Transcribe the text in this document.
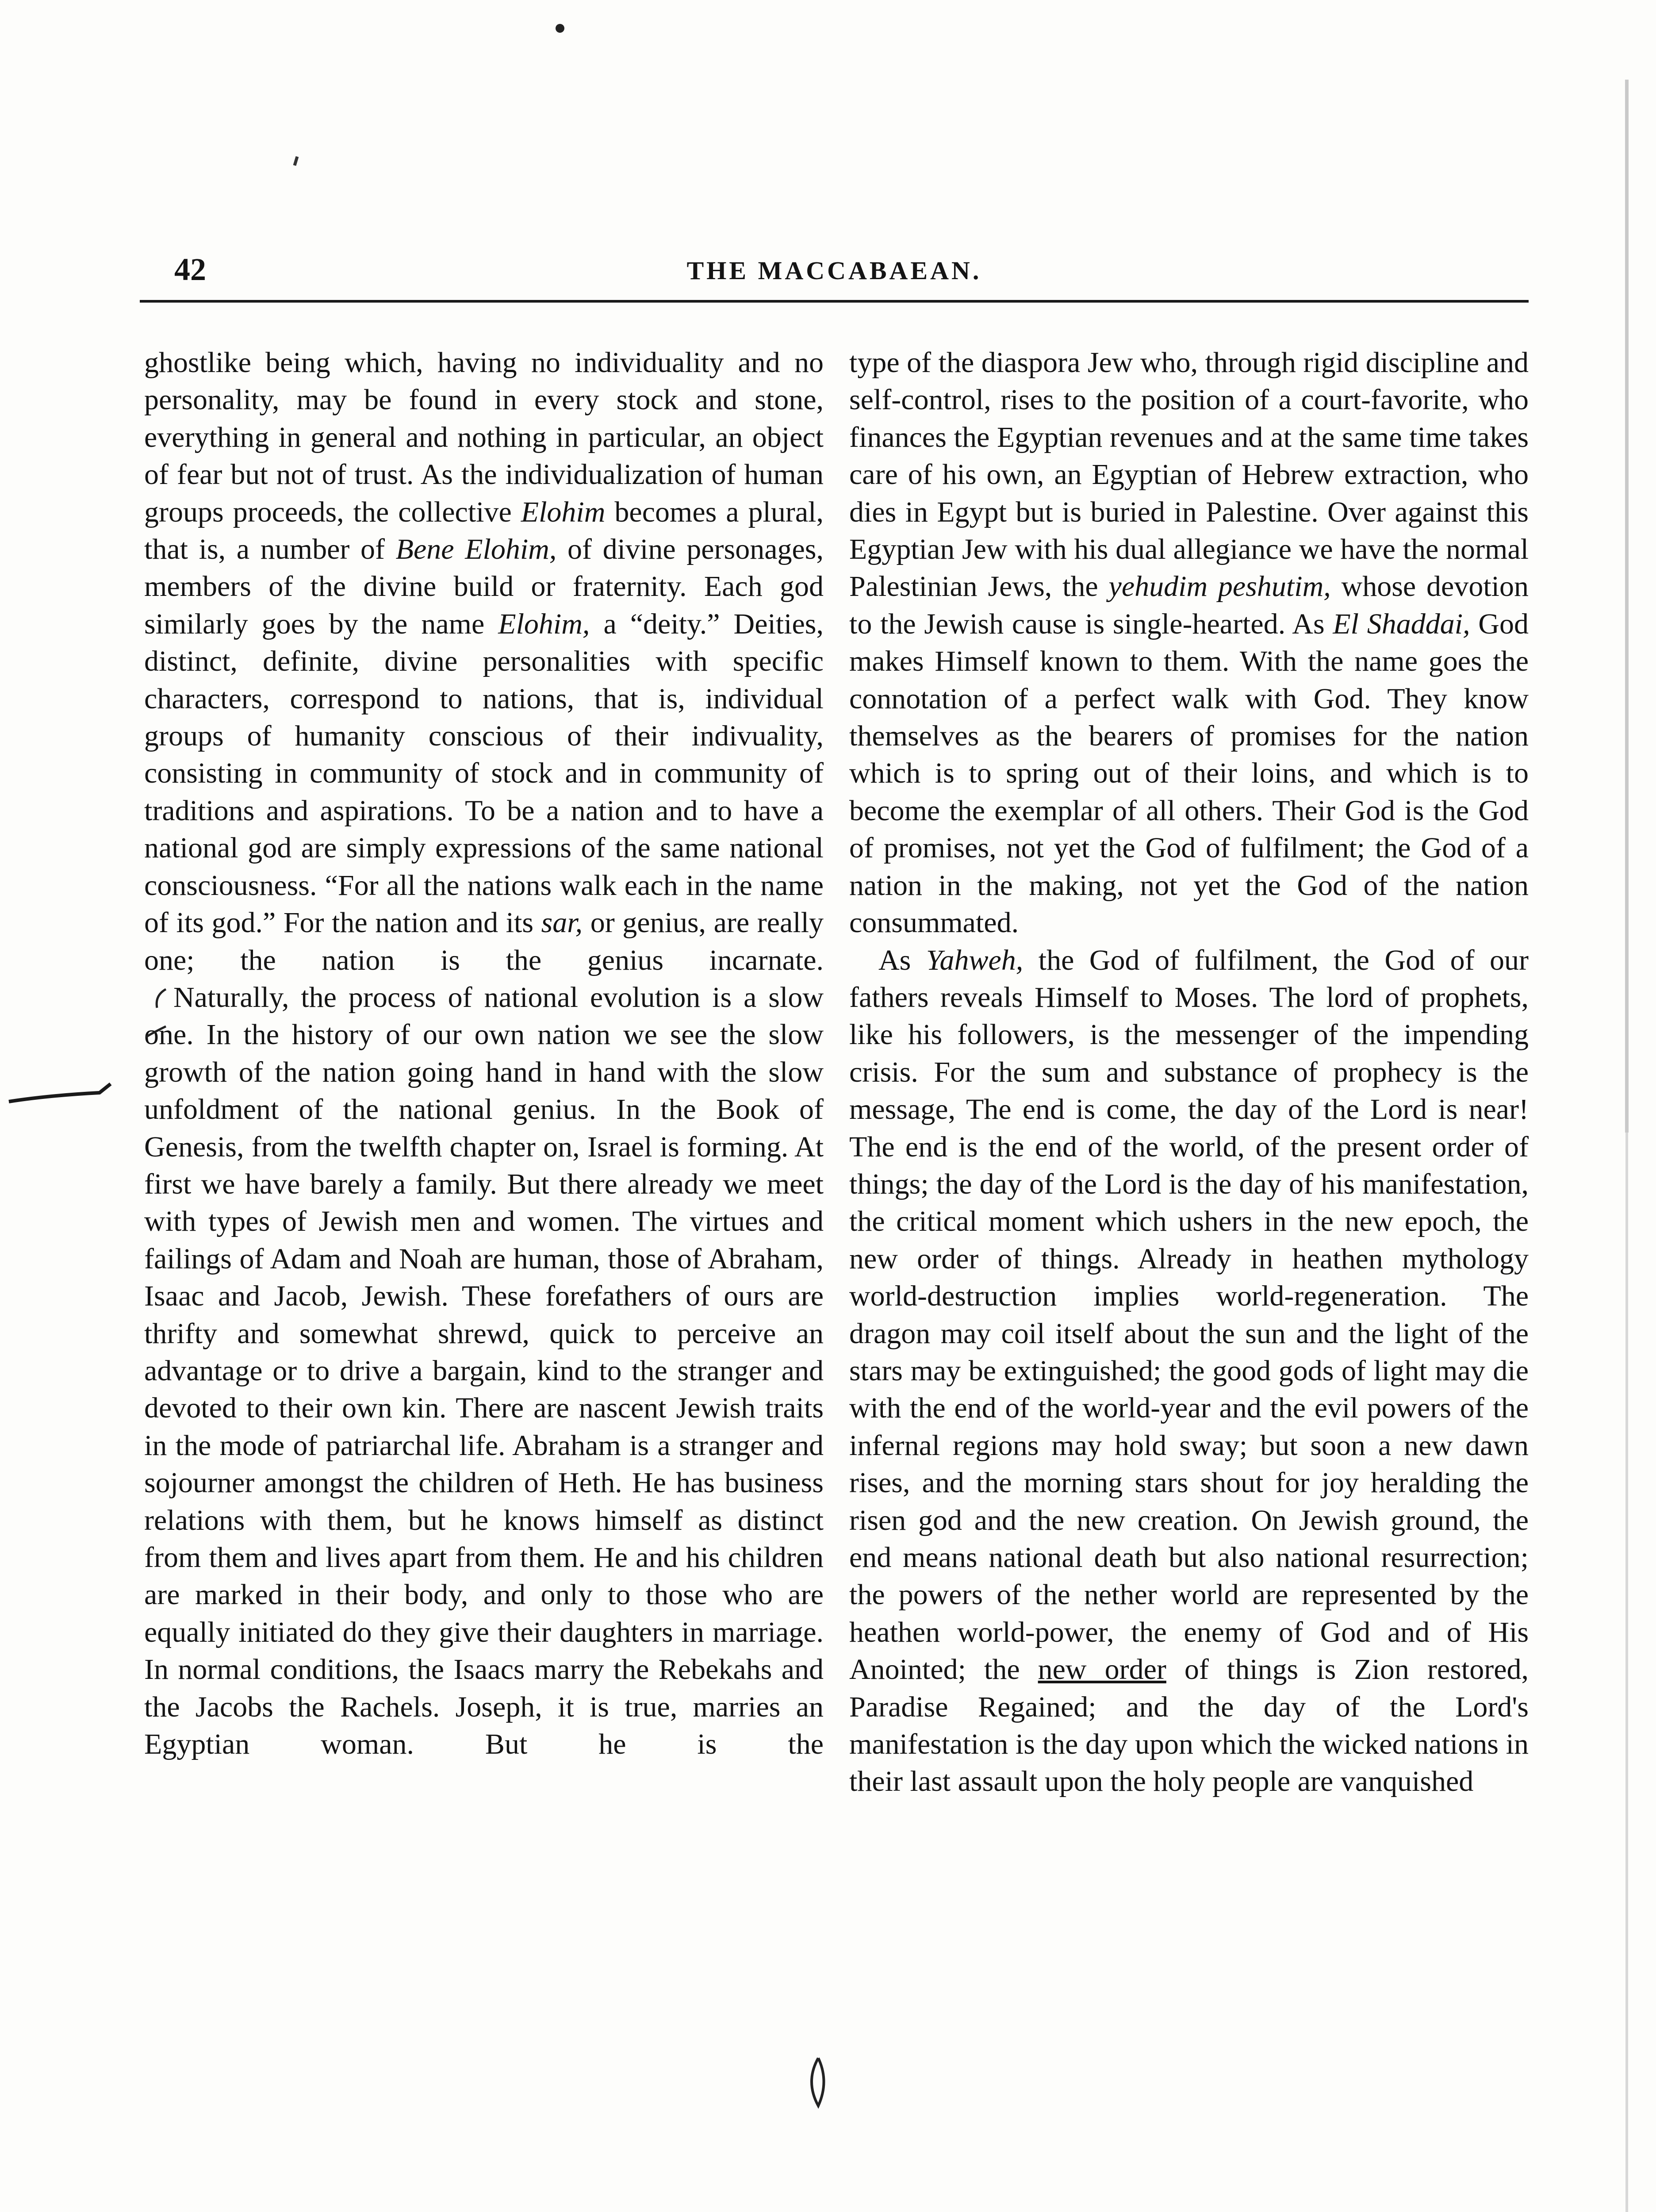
42	THE MACCABAEAN.

ghostlike being which, having no individuality and no personality, may be found in every stock and stone, everything in general and nothing in particular, an object of fear but not of trust. As the individualization of human groups proceeds, the collective Elohim becomes a plural, that is, a number of Bene Elohim, of divine personages, members of the divine build or fraternity. Each god similarly goes by the name Elohim, a “deity.” Deities, distinct, definite, divine personalities with specific characters, correspond to nations, that is, individual groups of humanity conscious of their indivuality, consisting in community of stock and in community of traditions and aspirations. To be a nation and to have a national god are simply expressions of the same national consciousness. “For all the nations walk each in the name of its god.” For the nation and its sar, or genius, are really one; the nation is the genius incarnate.

Naturally, the process of national evolution is a slow one. In the history of our own nation we see the slow growth of the nation going hand in hand with the slow unfoldment of the national genius. In the Book of Genesis, from the twelfth chapter on, Israel is forming. At first we have barely a family. But there already we meet with types of Jewish men and women. The virtues and failings of Adam and Noah are human, those of Abraham, Isaac and Jacob, Jewish. These forefathers of ours are thrifty and somewhat shrewd, quick to perceive an advantage or to drive a bargain, kind to the stranger and devoted to their own kin. There are nascent Jewish traits in the mode of patriarchal life. Abraham is a stranger and sojourner amongst the children of Heth. He has business relations with them, but he knows himself as distinct from them and lives apart from them. He and his children are marked in their body, and only to those who are equally initiated do they give their daughters in marriage. In normal conditions, the Isaacs marry the Rebekahs and the Jacobs the Rachels. Joseph, it is true, marries an Egyptian woman. But he is the

type of the diaspora Jew who, through rigid discipline and self-control, rises to the position of a court-favorite, who finances the Egyptian revenues and at the same time takes care of his own, an Egyptian of Hebrew extraction, who dies in Egypt but is buried in Palestine. Over against this Egyptian Jew with his dual allegiance we have the normal Palestinian Jews, the yehudim peshutim, whose devotion to the Jewish cause is single-hearted. As El Shaddai, God makes Himself known to them. With the name goes the connotation of a perfect walk with God. They know themselves as the bearers of promises for the nation which is to spring out of their loins, and which is to become the exemplar of all others. Their God is the God of promises, not yet the God of fulfilment; the God of a nation in the making, not yet the God of the nation consummated.

As Yahweh, the God of fulfilment, the God of our fathers reveals Himself to Moses. The lord of prophets, like his followers, is the messenger of the impending crisis. For the sum and substance of prophecy is the message, The end is come, the day of the Lord is near! The end is the end of the world, of the present order of things; the day of the Lord is the day of his manifestation, the critical moment which ushers in the new epoch, the new order of things. Already in heathen mythology world-destruction implies world-regeneration. The dragon may coil itself about the sun and the light of the stars may be extinguished; the good gods of light may die with the end of the world-year and the evil powers of the infernal regions may hold sway; but soon a new dawn rises, and the morning stars shout for joy heralding the risen god and the new creation. On Jewish ground, the end means national death but also national resurrection; the powers of the nether world are represented by the heathen world-power, the enemy of God and of His Anointed; the new order of things is Zion restored, Paradise Regained; and the day of the Lord's manifestation is the day upon which the wicked nations in their last assault upon the holy people are vanquished
